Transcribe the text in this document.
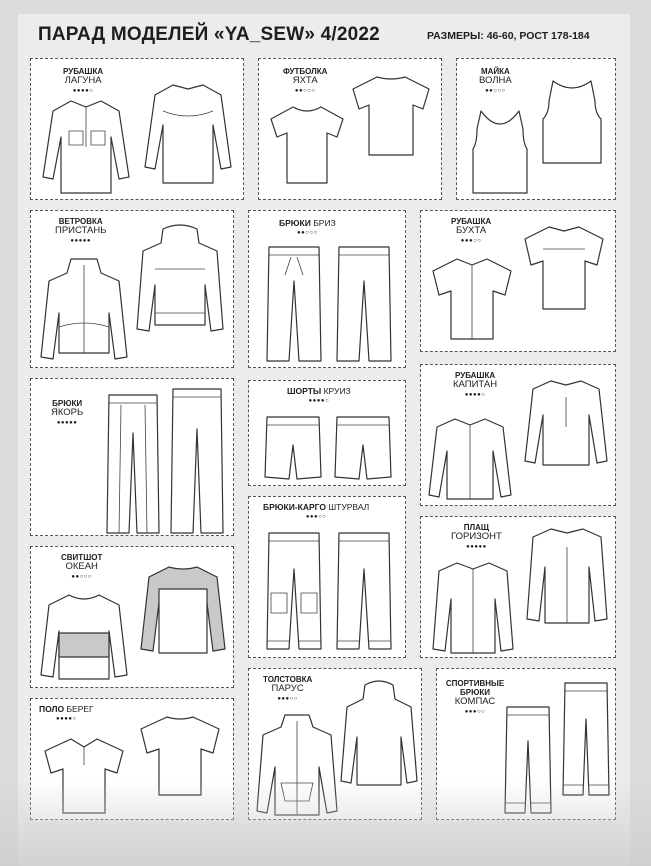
ПАРАД МОДЕЛЕЙ «YA_SEW» 4/2022	РАЗМЕРЫ: 46-60, РОСТ 178-184
РУБАШКА
ЛАГУНА
●●●●○
ФУТБОЛКА
ЯХТА
●●○○○
МАЙКА
ВОЛНА
●●○○○
ВЕТРОВКА
ПРИСТАНЬ
●●●●●
БРЮКИ БРИЗ
●●○○○
РУБАШКА
БУХТА
●●●○○
БРЮКИ
ЯКОРЬ
●●●●●
ШОРТЫ КРУИЗ
●●●●○
РУБАШКА
КАПИТАН
●●●●○
БРЮКИ-КАРГО ШТУРВАЛ
●●●○○
СВИТШОТ
ОКЕАН
●●○○○
ПЛАЩ
ГОРИЗОНТ
●●●●●
ПОЛО БЕРЕГ
●●●●○
ТОЛСТОВКА
ПАРУС
●●●○○
СПОРТИВНЫЕ БРЮКИ
КОМПАС
●●●○○
